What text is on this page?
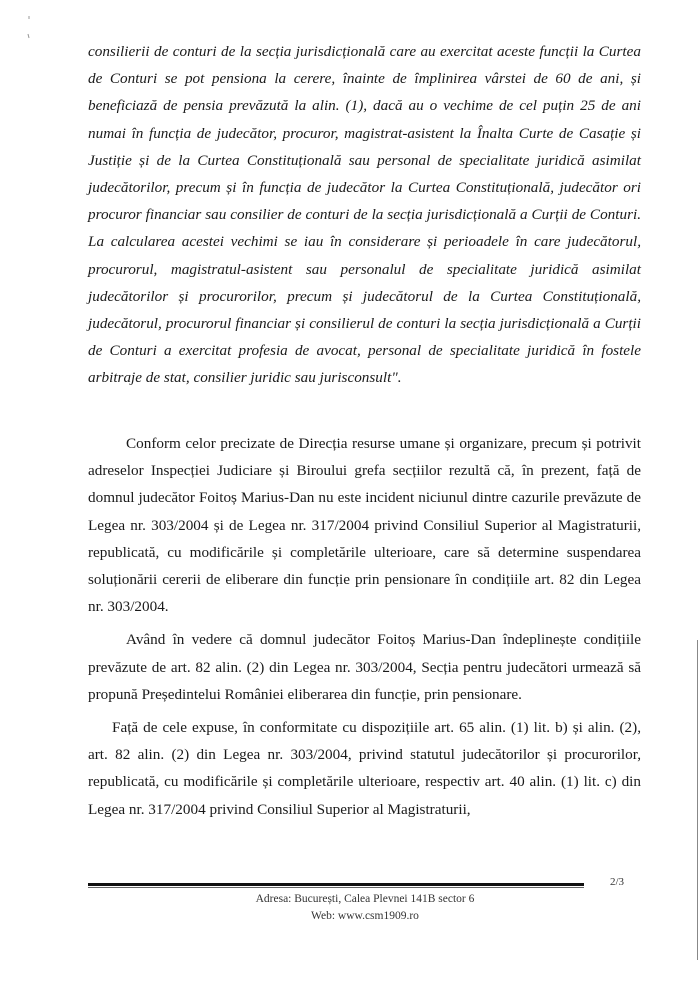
consilierii de conturi de la secția jurisdicțională care au exercitat aceste funcții la Curtea de Conturi se pot pensiona la cerere, înainte de împlinirea vârstei de 60 de ani, și beneficiază de pensia prevăzută la alin. (1), dacă au o vechime de cel puțin 25 de ani numai în funcția de judecător, procuror, magistrat-asistent la Înalta Curte de Casație și Justiție și de la Curtea Constituțională sau personal de specialitate juridică asimilat judecătorilor, precum și în funcția de judecător la Curtea Constituțională, judecător ori procuror financiar sau consilier de conturi de la secția jurisdicțională a Curții de Conturi. La calcularea acestei vechimi se iau în considerare și perioadele în care judecătorul, procurorul, magistratul-asistent sau personalul de specialitate juridică asimilat judecătorilor și procurorilor, precum și judecătorul de la Curtea Constituțională, judecătorul, procurorul financiar și consilierul de conturi la secția jurisdicțională a Curții de Conturi a exercitat profesia de avocat, personal de specialitate juridică în fostele arbitraje de stat, consilier juridic sau jurisconsult".

Conform celor precizate de Direcția resurse umane și organizare, precum și potrivit adreselor Inspecției Judiciare și Biroului grefa secțiilor rezultă că, în prezent, față de domnul judecător Foitoș Marius-Dan nu este incident niciunul dintre cazurile prevăzute de Legea nr. 303/2004 și de Legea nr. 317/2004 privind Consiliul Superior al Magistraturii, republicată, cu modificările și completările ulterioare, care să determine suspendarea soluționării cererii de eliberare din funcție prin pensionare în condițiile art. 82 din Legea nr. 303/2004.

Având în vedere că domnul judecător Foitoș Marius-Dan îndeplinește condițiile prevăzute de art. 82 alin. (2) din Legea nr. 303/2004, Secția pentru judecători urmează să propună Președintelui României eliberarea din funcție, prin pensionare.

Față de cele expuse, în conformitate cu dispozițiile art. 65 alin. (1) lit. b) și alin. (2), art. 82 alin. (2) din Legea nr. 303/2004, privind statutul judecătorilor și procurorilor, republicată, cu modificările și completările ulterioare, respectiv art. 40 alin. (1) lit. c) din Legea nr. 317/2004 privind Consiliul Superior al Magistraturii,

2/3
Adresa: București, Calea Plevnei 141B sector 6
Web: www.csm1909.ro
